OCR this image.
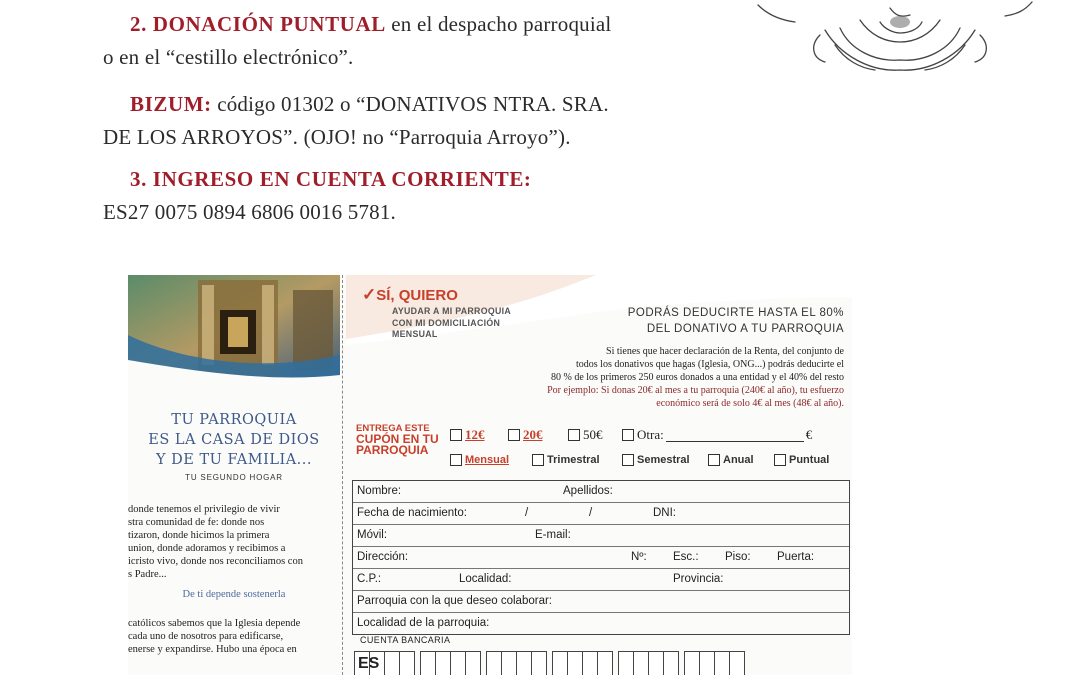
2. DONACIÓN PUNTUAL en el despacho parroquial
o en el “cestillo electrónico”.
BIZUM: código 01302 o “DONATIVOS NTRA. SRA.
DE LOS ARROYOS”. (OJO! no “Parroquia Arroyo”).
3. INGRESO EN CUENTA CORRIENTE:
ES27 0075 0894 6806 0016 5781.
TU PARROQUIA
ES LA CASA DE DIOS
Y DE TU FAMILIA...
TU SEGUNDO HOGAR
donde tenemos el privilegio de vivir
stra comunidad de fe: donde nos
tizaron, donde hicimos la primera
union, donde adoramos y recibimos a
icristo vivo, donde nos reconciliamos con
s Padre...
De ti depende sostenerla
católicos sabemos que la Iglesia depende
cada uno de nosotros para edificarse,
enerse y expandirse. Hubo una época en
✓SÍ, QUIERO
AYUDAR A MI PARROQUIA
CON MI DOMICILIACIÓN
MENSUAL
PODRÁS DEDUCIRTE HASTA EL 80%
DEL DONATIVO A TU PARROQUIA
Si tienes que hacer declaración de la Renta, del conjunto de
todos los donativos que hagas (Iglesia, ONG...) podrás deducirte el
80 % de los primeros 250 euros donados a una entidad y el 40% del resto
Por ejemplo: Si donas 20€ al mes a tu parroquia (240€ al año), tu esfuerzo
económico será de solo 4€ al mes (48€ al año).
ENTREGA ESTE
CUPÓN EN TU
PARROQUIA
12€	20€	50€	Otra:	€
Mensual	Trimestral	Semestral	Anual	Puntual
Nombre:	Apellidos:
Fecha de nacimiento:	/	/	DNI:
Móvil:	E-mail:
Dirección:	Nº: Esc.: Piso: Puerta:
C.P.:	Localidad:	Provincia:
Parroquia con la que deseo colaborar:
Localidad de la parroquia:
CUENTA BANCARIA
ES
